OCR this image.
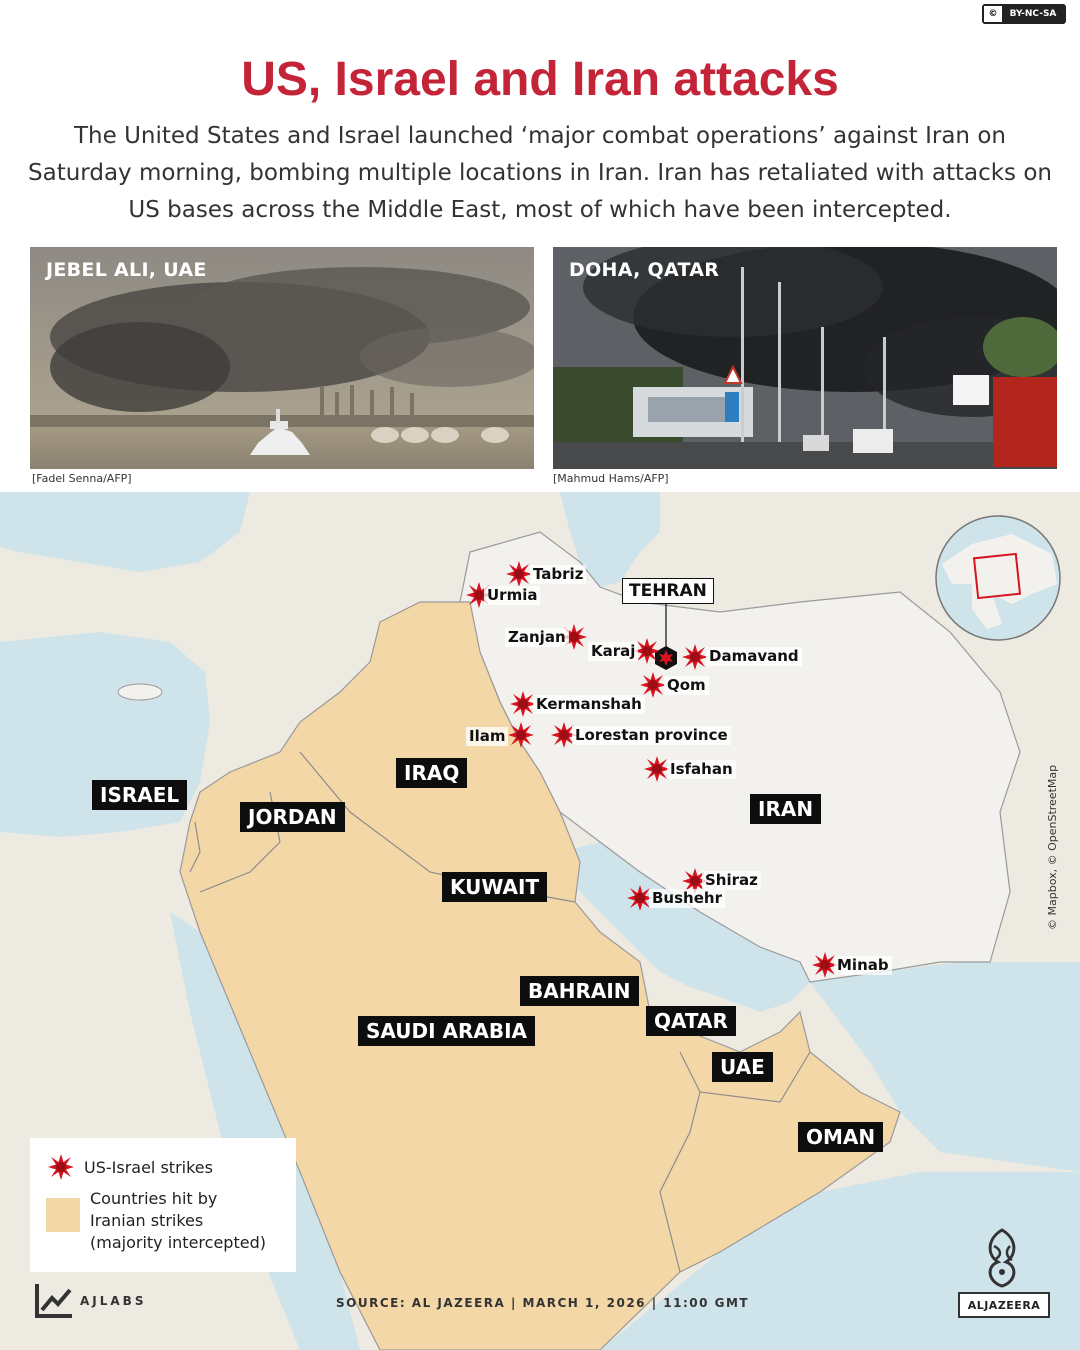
©	BY-NC-SA
US, Israel and Iran attacks
The United States and Israel launched ‘major combat operations’ against Iran on Saturday morning, bombing multiple locations in Iran. Iran has retaliated with attacks on US bases across the Middle East, most of which have been intercepted.
JEBEL ALI, UAE
[Fadel Senna/AFP]
DOHA, QATAR
[Mahmud Hams/AFP]
© Mapbox, © OpenStreetMap
ISRAEL
JORDAN
IRAQ
KUWAIT
IRAN
BAHRAIN
QATAR
SAUDI ARABIA
UAE
OMAN
TEHRAN
Tabriz
Urmia
Zanjan
Karaj	Damavand
Qom
Kermanshah
Ilam	Lorestan province
Isfahan
Shiraz
Bushehr
Minab
US-Israel strikes
Countries hit by
Iranian strikes
(majority intercepted)
AJLABS	SOURCE: AL JAZEERA | MARCH 1, 2026 | 11:00 GMT	ALJAZEERA
